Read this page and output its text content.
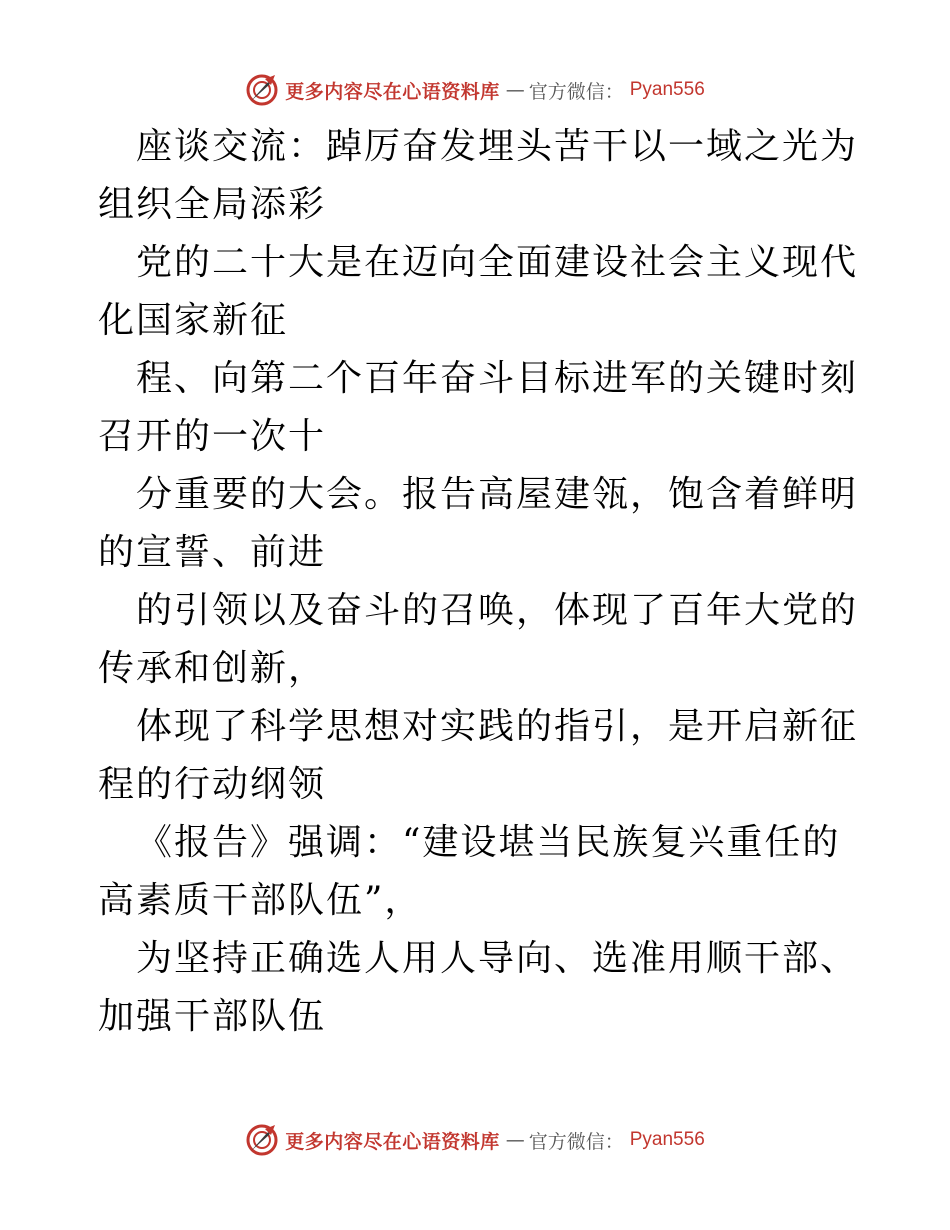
更多内容尽在心语资料库 — 官方微信： Pyan556

座谈交流：踔厉奋发埋头苦干以一域之光为组织全局添彩

党的二十大是在迈向全面建设社会主义现代化国家新征

程、向第二个百年奋斗目标进军的关键时刻召开的一次十

分重要的大会。报告高屋建瓴，饱含着鲜明的宣誓、前进

的引领以及奋斗的召唤，体现了百年大党的传承和创新，

体现了科学思想对实践的指引，是开启新征程的行动纲领

《报告》强调：“建设堪当民族复兴重任的高素质干部队伍”，

为坚持正确选人用人导向、选准用顺干部、加强干部队伍

更多内容尽在心语资料库 — 官方微信： Pyan556
